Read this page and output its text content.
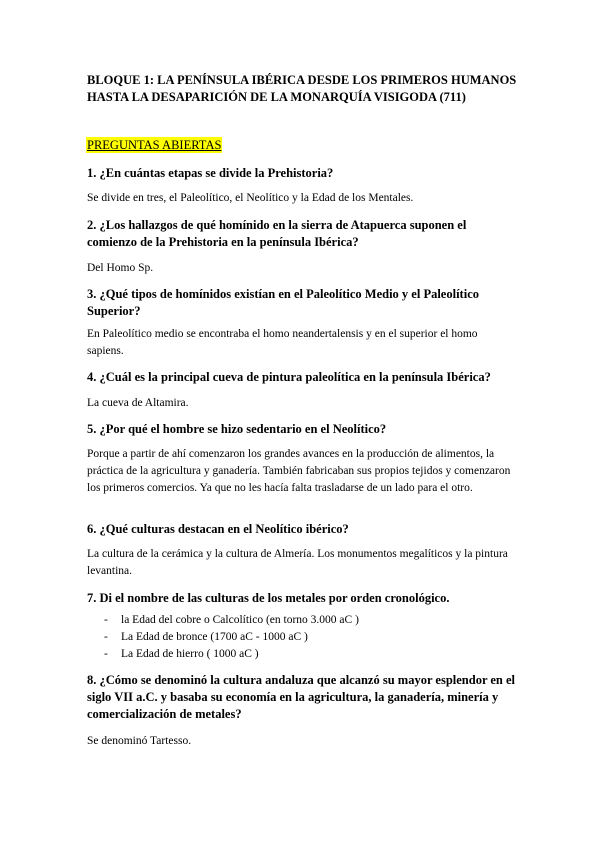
BLOQUE 1: LA PENÍNSULA IBÉRICA DESDE LOS PRIMEROS HUMANOS
HASTA LA DESAPARICIÓN DE LA MONARQUÍA VISIGODA (711)
PREGUNTAS ABIERTAS
1. ¿En cuántas etapas se divide la Prehistoria?
Se divide en tres, el Paleolítico, el Neolítico y la Edad de los Mentales.
2. ¿Los hallazgos de qué homínido en la sierra de Atapuerca suponen el comienzo de la Prehistoria en la península Ibérica?
Del Homo Sp.
3. ¿Qué tipos de homínidos existían en el Paleolítico Medio y el Paleolítico Superior?
En Paleolítico medio se encontraba el homo neandertalensis y en el superior el homo sapiens.
4. ¿Cuál es la principal cueva de pintura paleolítica en la península Ibérica?
La cueva de Altamira.
5. ¿Por qué el hombre se hizo sedentario en el Neolítico?
Porque a partir de ahí comenzaron los grandes avances en la producción de alimentos, la práctica de la agricultura y ganadería. También fabricaban sus propios tejidos y comenzaron los primeros comercios. Ya que no les hacía falta trasladarse de un lado para el otro.
6. ¿Qué culturas destacan en el Neolítico ibérico?
La cultura de la cerámica y la cultura de Almería. Los monumentos megalíticos y la pintura levantina.
7. Di el nombre de las culturas de los metales por orden cronológico.
- la Edad del cobre o Calcolítico (en torno 3.000 aC )
- La Edad de bronce (1700 aC - 1000 aC )
- La Edad de hierro ( 1000 aC )
8. ¿Cómo se denominó la cultura andaluza que alcanzó su mayor esplendor en el siglo VII a.C. y basaba su economía en la agricultura, la ganadería, minería y comercialización de metales?
Se denominó Tartesso.
